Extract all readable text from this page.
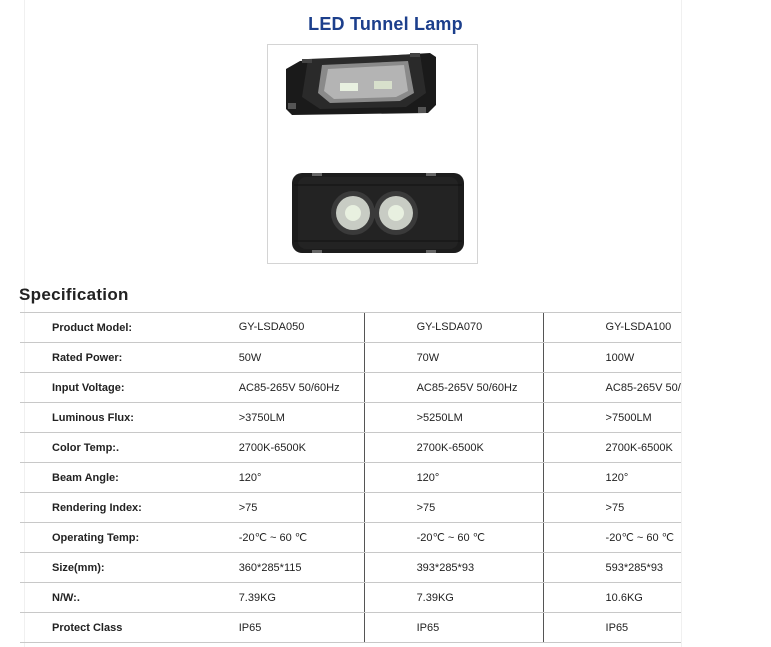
LED Tunnel Lamp
Specification
Product Model:	GY-LSDA050	GY-LSDA070	GY-LSDA100
Rated Power:	50W	70W	100W
Input Voltage:	AC85-265V 50/60Hz	AC85-265V 50/60Hz	AC85-265V 50/
Luminous Flux:	>3750LM	>5250LM	>7500LM
Color Temp:.	2700K-6500K	2700K-6500K	2700K-6500K
Beam Angle:	120°	120°	120°
Rendering Index:	>75	>75	>75
Operating Temp:	-20℃ ~ 60 ℃	-20℃ ~ 60 ℃	-20℃ ~ 60 ℃
Size(mm):	360*285*115	393*285*93	593*285*93
N/W:.	7.39KG	7.39KG	10.6KG
Protect Class	IP65	IP65	IP65
